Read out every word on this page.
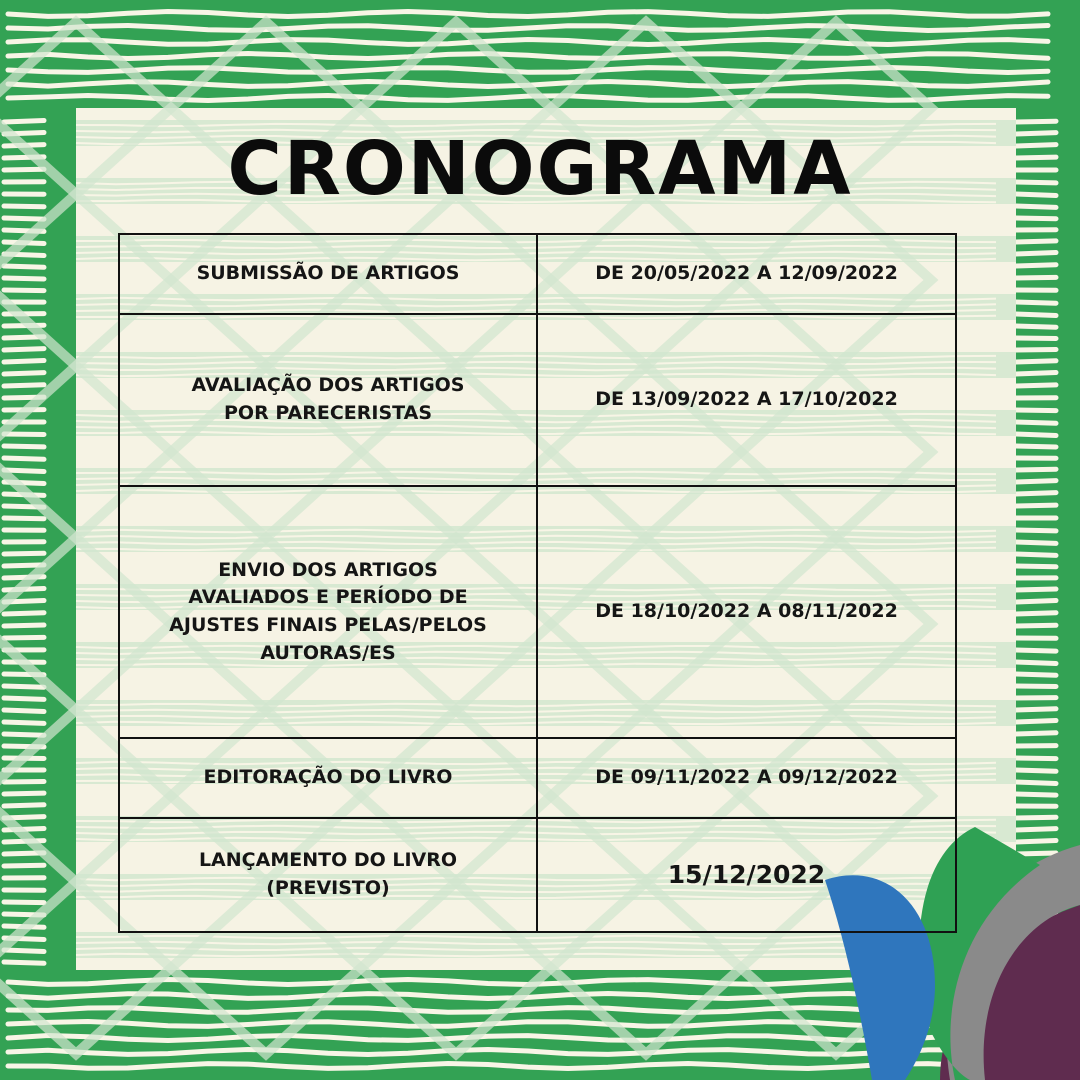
CRONOGRAMA
SUBMISSÃO DE ARTIGOS	DE 20/05/2022 A 12/09/2022

AVALIAÇÃO DOS ARTIGOS
POR PARECERISTAS	DE 13/09/2022 A 17/10/2022

ENVIO DOS ARTIGOS
AVALIADOS E PERÍODO DE
AJUSTES FINAIS PELAS/PELOS
AUTORAS/ES	DE 18/10/2022 A 08/11/2022

EDITORAÇÃO DO LIVRO	DE 09/11/2022 A 09/12/2022

LANÇAMENTO DO LIVRO
(PREVISTO)	15/12/2022
